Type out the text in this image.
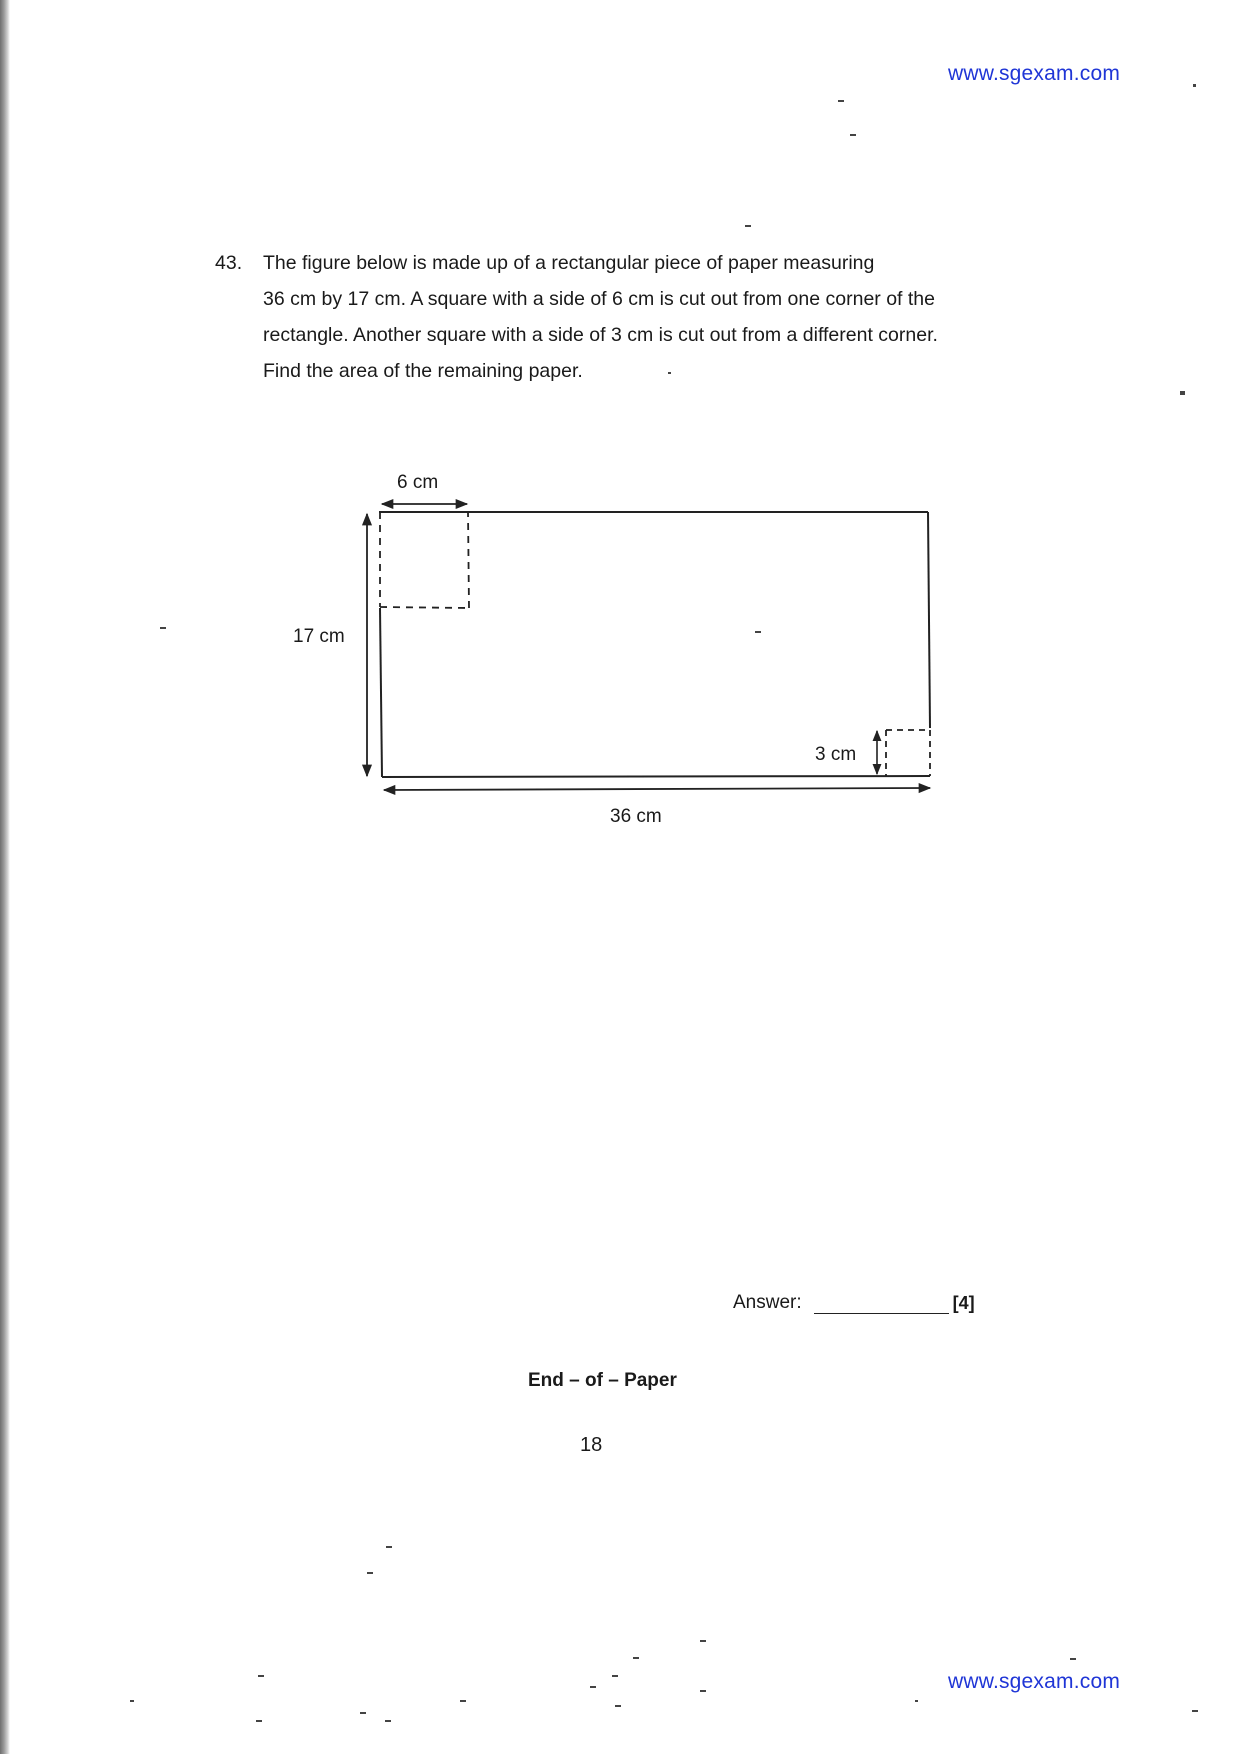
www.sgexam.com
43. The figure below is made up of a rectangular piece of paper measuring
36 cm by 17 cm. A square with a side of 6 cm is cut out from one corner of the
rectangle. Another square with a side of 3 cm is cut out from a different corner.
Find the area of the remaining paper.
6 cm
17 cm
3 cm
36 cm
Answer:	[4]
End – of – Paper
18
www.sgexam.com
